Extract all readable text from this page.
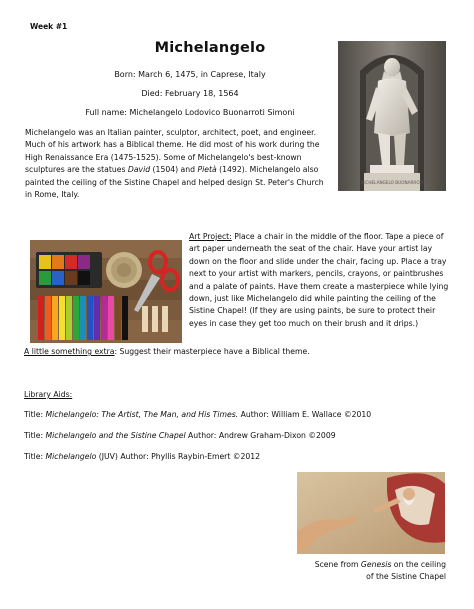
Week #1
Michelangelo
Born: March 6, 1475, in Caprese, Italy
Died: February 18, 1564
Full name: Michelangelo Lodovico Buonarroti Simoni

Michelangelo was an Italian painter, sculptor, architect, poet, and engineer. Much of his artwork has a Biblical theme. He did most of his work during the High Renaissance Era (1475-1525). Some of Michelangelo's best-known sculptures are the statues David (1504) and Pietà (1492). Michelangelo also painted the ceiling of the Sistine Chapel and helped design St. Peter's Church in Rome, Italy.

MICHELANGELO BUONARROTI

Art Project: Place a chair in the middle of the floor. Tape a piece of art paper underneath the seat of the chair. Have your artist lay down on the floor and slide under the chair, facing up. Place a tray next to your artist with markers, pencils, crayons, or paintbrushes and a palate of paints. Have them create a masterpiece while lying down, just like Michelangelo did while painting the ceiling of the Sistine Chapel! (If they are using paints, be sure to protect their eyes in case they get too much on their brush and it drips.)

A little something extra: Suggest their masterpiece have a Biblical theme.

Library Aids:
Title: Michelangelo: The Artist, The Man, and His Times. Author: William E. Wallace ©2010
Title: Michelangelo and the Sistine Chapel Author: Andrew Graham-Dixon ©2009
Title: Michelangelo (JUV) Author: Phyllis Raybin-Emert ©2012
Scene from Genesis on the ceiling
of the Sistine Chapel
